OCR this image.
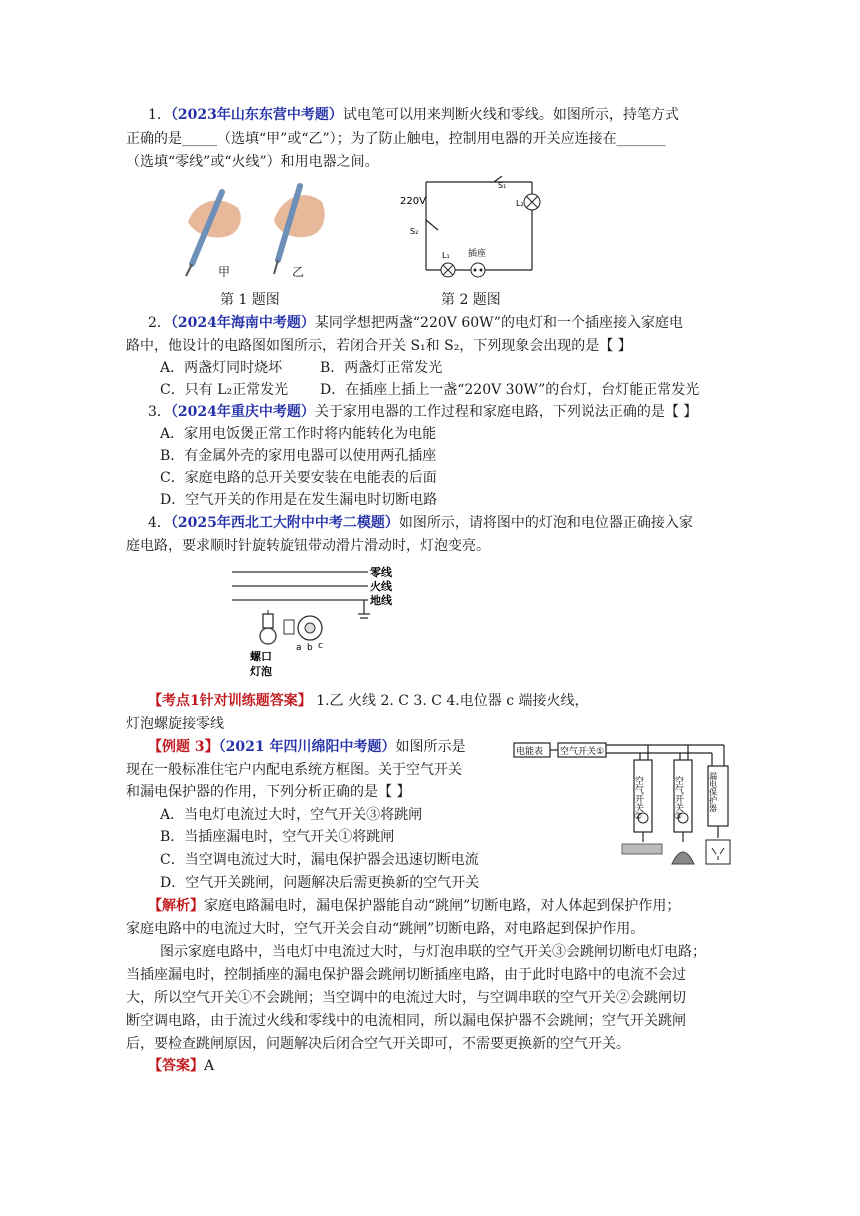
1．（2023年山东东营中考题）试电笔可以用来判断火线和零线。如图所示，持笔方式
正确的是_____（选填“甲”或“乙”）；为了防止触电，控制用电器的开关应连接在_______
（选填“零线”或“火线”）和用电器之间。
甲	乙
220V
S₁
L₂
S₂
L₁ 插座
第 1 题图	第 2 题图
2．（2024年海南中考题）某同学想把两盏“220V 60W”的电灯和一个插座接入家庭电
路中，他设计的电路图如图所示，若闭合开关 S₁和 S₂，下列现象会出现的是【 】
A．两盏灯同时烧坏	B．两盏灯正常发光
C．只有 L₂正常发光 D．在插座上插上一盏“220V 30W”的台灯，台灯能正常发光
3．（2024年重庆中考题）关于家用电器的工作过程和家庭电路，下列说法正确的是【 】
A．家用电饭煲正常工作时将内能转化为电能
B．有金属外壳的家用电器可以使用两孔插座
C．家庭电路的总开关要安装在电能表的后面
D．空气开关的作用是在发生漏电时切断电路
4．（2025年西北工大附中中考二模题）如图所示，请将图中的灯泡和电位器正确接入家
庭电路，要求顺时针旋转旋钮带动滑片滑动时，灯泡变亮。
零线
火线
地线
a b c
螺口
灯泡
【考点1针对训练题答案】 1.乙 火线 2. C 3. C 4.电位器 c 端接火线，
灯泡螺旋接零线
【例题 3】（2021 年四川绵阳中考题）如图所示是
现在一般标准住宅户内配电系统方框图。关于空气开关
和漏电保护器的作用，下列分析正确的是【 】
A．当电灯电流过大时，空气开关③将跳闸
B．当插座漏电时，空气开关①将跳闸
C．当空调电流过大时，漏电保护器会迅速切断电流
D．空气开关跳闸，问题解决后需更换新的空气开关
电能表 空气开关①
空气开关②	空气开关③	漏电保护器
【解析】家庭电路漏电时，漏电保护器能自动“跳闸”切断电路，对人体起到保护作用；
家庭电路中的电流过大时，空气开关会自动“跳闸”切断电路，对电路起到保护作用。
图示家庭电路中，当电灯中电流过大时，与灯泡串联的空气开关③会跳闸切断电灯电路；
当插座漏电时，控制插座的漏电保护器会跳闸切断插座电路，由于此时电路中的电流不会过
大，所以空气开关①不会跳闸；当空调中的电流过大时，与空调串联的空气开关②会跳闸切
断空调电路，由于流过火线和零线中的电流相同，所以漏电保护器不会跳闸；空气开关跳闸
后，要检查跳闸原因，问题解决后闭合空气开关即可，不需要更换新的空气开关。
【答案】A
